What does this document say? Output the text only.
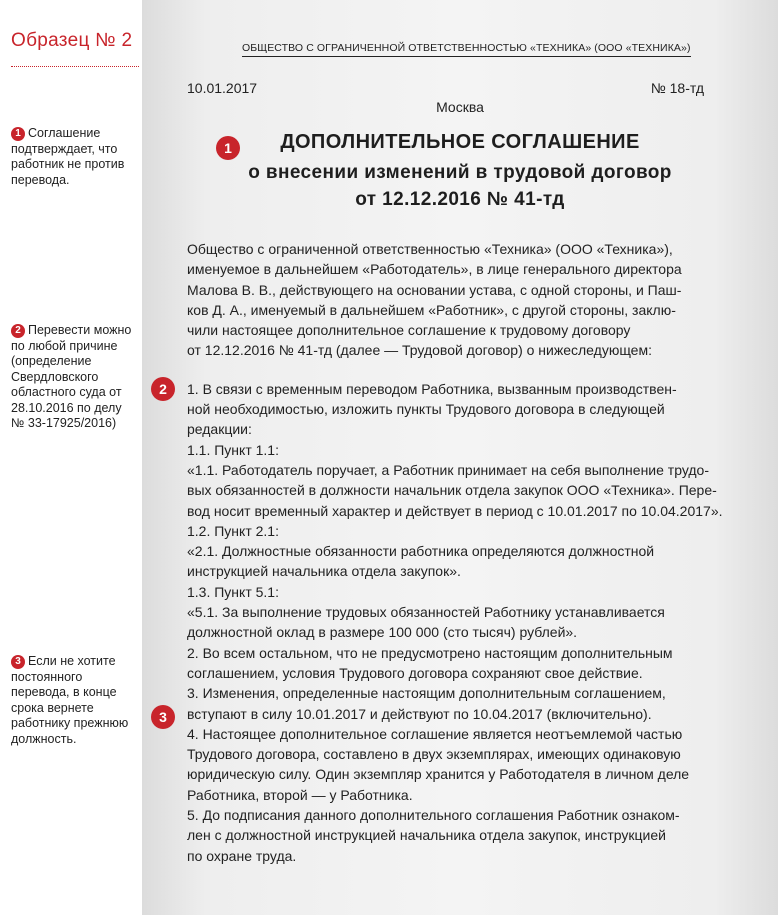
Образец № 2
1 Соглашение подтверждает, что работник не против перевода.
2 Перевести можно по любой причине (определение Свердловского областного суда от 28.10.2016 по делу № 33-17925/2016)
3 Если не хотите постоянного перевода, в конце срока вернете работнику прежнюю должность.
ОБЩЕСТВО С ОГРАНИЧЕННОЙ ОТВЕТСТВЕННОСТЬЮ «ТЕХНИКА» (ООО «ТЕХНИКА»)
10.01.2017	№ 18-тд
Москва
ДОПОЛНИТЕЛЬНОЕ СОГЛАШЕНИЕ
о внесении изменений в трудовой договор
от 12.12.2016 № 41-тд
1
2
3

Общество с ограниченной ответственностью «Техника» (ООО «Техника»),

именуемое в дальнейшем «Работодатель», в лице генерального директора

Малова В. В., действующего на основании устава, с одной стороны, и Паш-

ков Д. А., именуемый в дальнейшем «Работник», с другой стороны, заклю-

чили настоящее дополнительное соглашение к трудовому договору

от 12.12.2016 № 41-тд (далее — Трудовой договор) о нижеследующем:

1. В связи с временным переводом Работника, вызванным производствен-

ной необходимостью, изложить пункты Трудового договора в следующей

редакции:

1.1. Пункт 1.1:

«1.1. Работодатель поручает, а Работник принимает на себя выполнение трудо-

вых обязанностей в должности начальник отдела закупок ООО «Техника». Пере-

вод носит временный характер и действует в период с 10.01.2017 по 10.04.2017».

1.2. Пункт 2.1:

«2.1. Должностные обязанности работника определяются должностной

инструкцией начальника отдела закупок».

1.3. Пункт 5.1:

«5.1. За выполнение трудовых обязанностей Работнику устанавливается

должностной оклад в размере 100 000 (сто тысяч) рублей».

2. Во всем остальном, что не предусмотрено настоящим дополнительным

соглашением, условия Трудового договора сохраняют свое действие.

3. Изменения, определенные настоящим дополнительным соглашением,

вступают в силу 10.01.2017 и действуют по 10.04.2017 (включительно).

4. Настоящее дополнительное соглашение является неотъемлемой частью

Трудового договора, составлено в двух экземплярах, имеющих одинаковую

юридическую силу. Один экземпляр хранится у Работодателя в личном деле

Работника, второй — у Работника.

5. До подписания данного дополнительного соглашения Работник ознаком-

лен с должностной инструкцией начальника отдела закупок, инструкцией

по охране труда.
